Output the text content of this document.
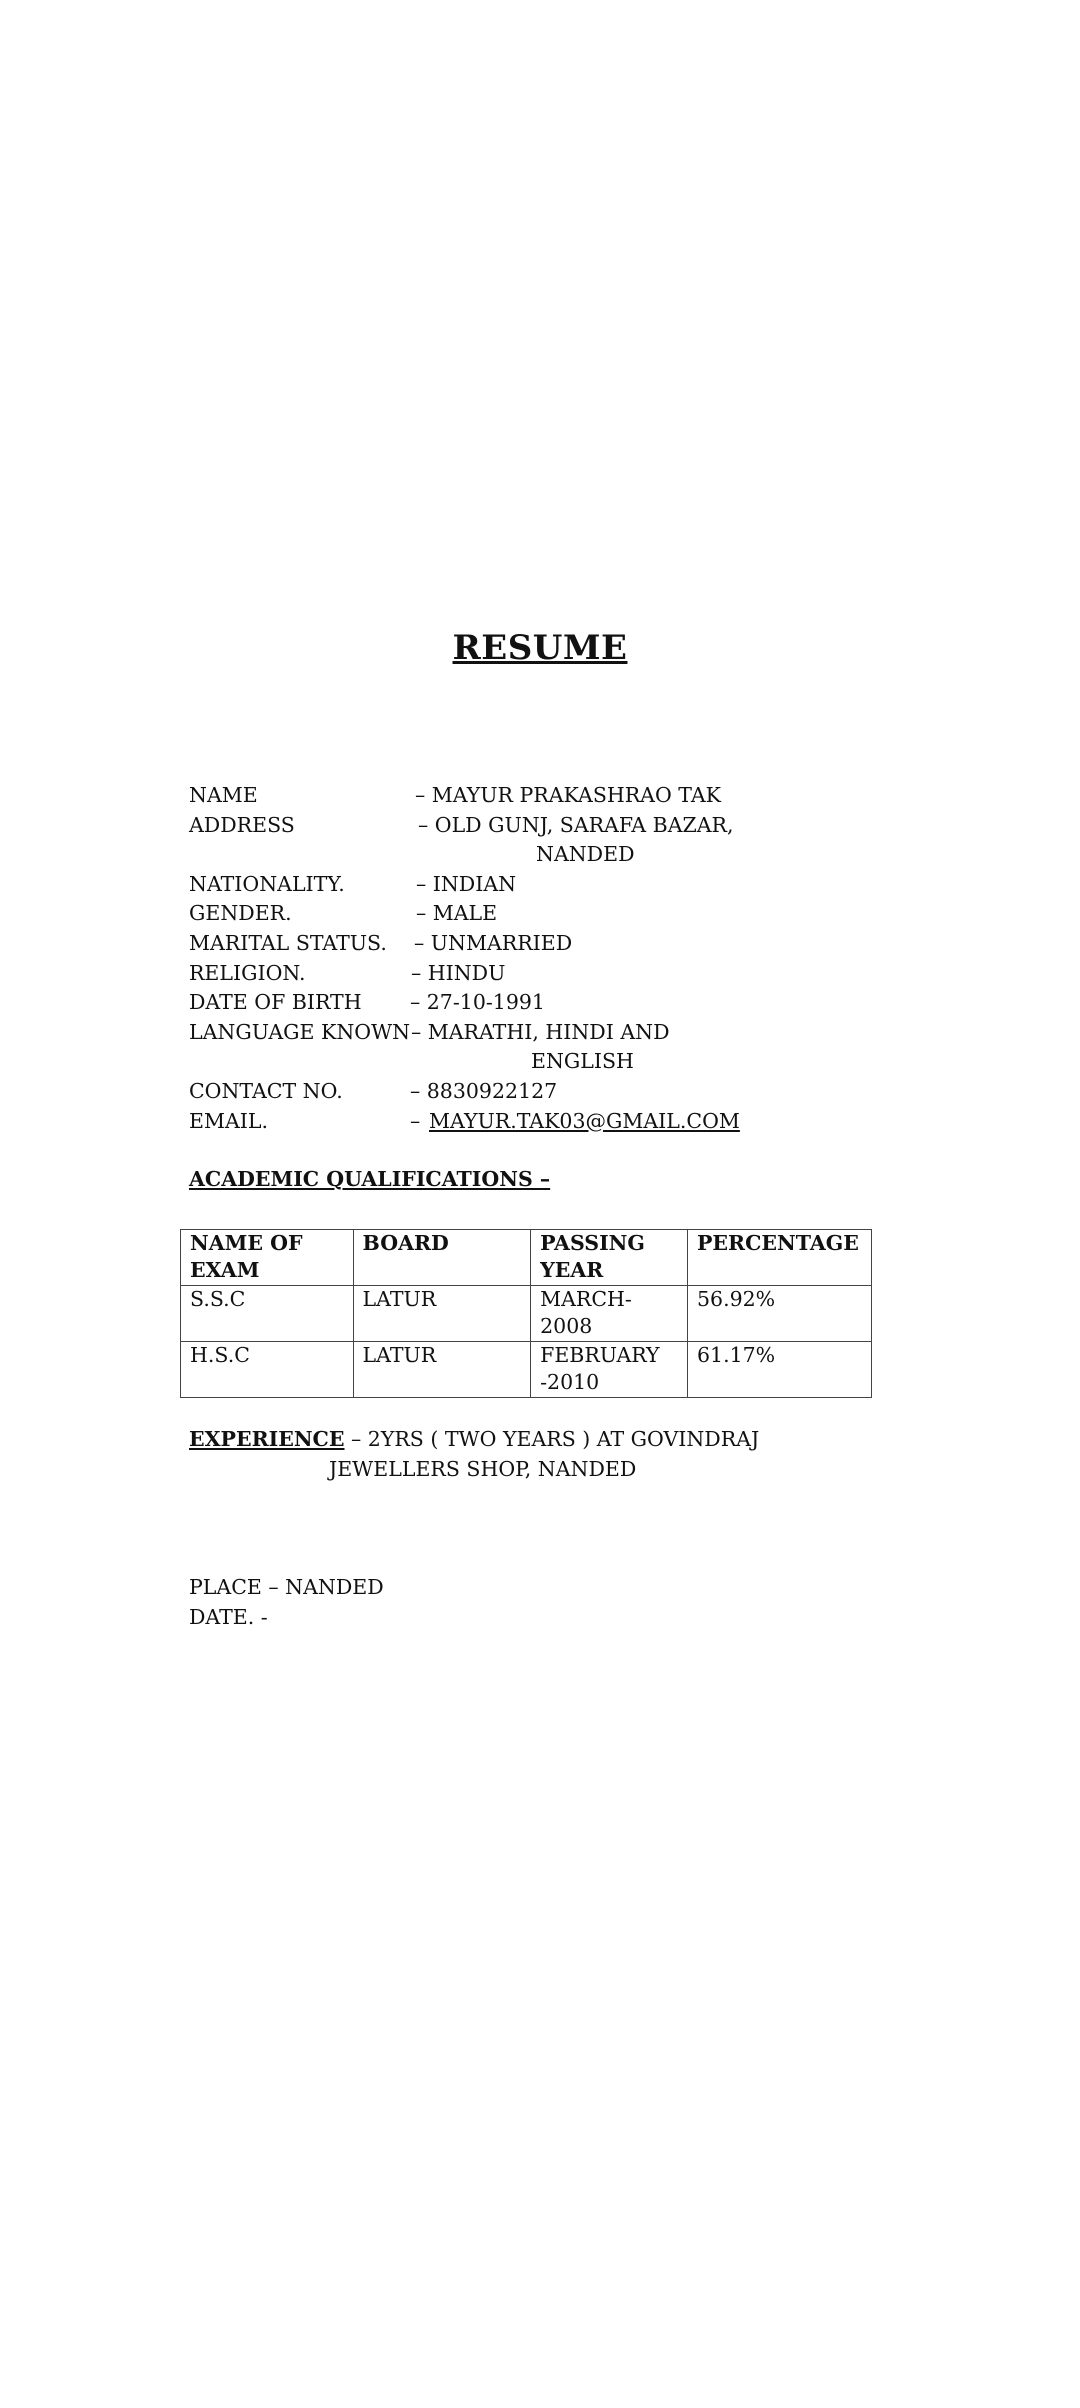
RESUME
NAME	– MAYUR PRAKASHRAO TAK
ADDRESS	– OLD GUNJ, SARAFA BAZAR,
NANDED
NATIONALITY.	– INDIAN
GENDER.	– MALE
MARITAL STATUS. – UNMARRIED
RELIGION.	– HINDU
DATE OF BIRTH – 27-10-1991
LANGUAGE KNOWN – MARATHI, HINDI AND
ENGLISH
CONTACT NO.	– 8830922127
EMAIL.	– MAYUR.TAK03@GMAIL.COM
ACADEMIC QUALIFICATIONS –
NAME OF EXAM	BOARD	PASSING YEAR	PERCENTAGE
S.S.C	LATUR	MARCH-2008	56.92%
H.S.C	LATUR	FEBRUARY -2010	61.17%
EXPERIENCE – 2YRS ( TWO YEARS ) AT GOVINDRAJ
JEWELLERS SHOP, NANDED
PLACE – NANDED
DATE. -
